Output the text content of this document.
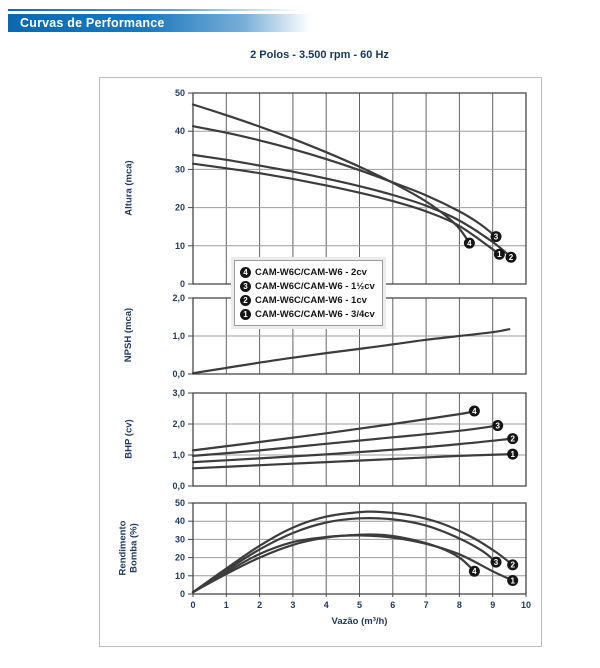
Curvas de Performance
2 Polos - 3.500 rpm - 60 Hz
0
10
20
30
40
50
4
3
2
1
0,0
1,0
2,0
0,0
1,0
2,0
3,0
4
3
2
1
0
10
20
30
40
50
4
3 2
1
0	1	2	3	4	5	6	7	8	9	10
Altura (mca)
NPSH (mca)
BHP (cv)
Rendimento Bomba (%)
Vazão (m³/h)
4 CAM-W6C/CAM-W6 - 2cv
3 CAM-W6C/CAM-W6 - 1½cv
2 CAM-W6C/CAM-W6 - 1cv
1 CAM-W6C/CAM-W6 - 3/4cv
